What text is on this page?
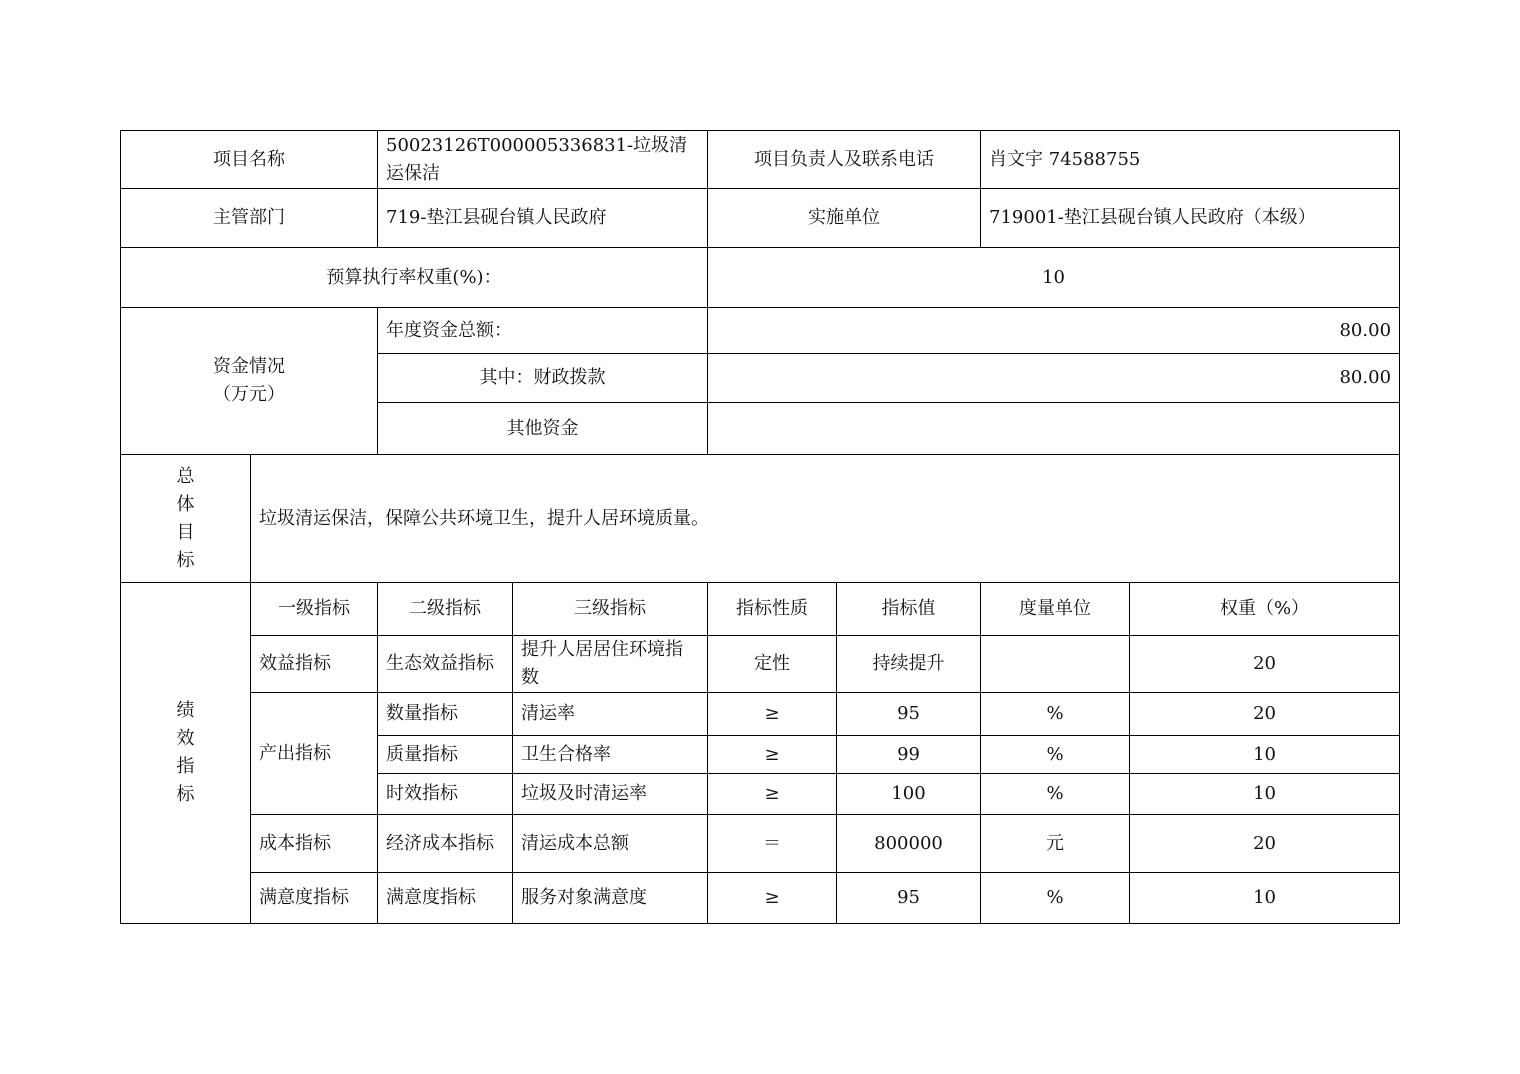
项目名称		50023126T000005336831-垃圾清运保洁		项目负责人及联系电话		肖文宇 74588755	
主管部门		719-垫江县砚台镇人民政府		实施单位		719001-垫江县砚台镇人民政府（本级）	
预算执行率权重(%)：				10			

资金情况
（万元）		年度资金总额：		80.00			
		其中：财政拨款		80.00			
		其他资金					

总
体
目
标	垃圾清运保洁，保障公共环境卫生，提升人居环境质量。						

绩
效
指
标	一级指标	二级指标	三级指标	指标性质	指标值	度量单位	权重（%）
	效益指标	生态效益指标	提升人居居住环境指数	定性	持续提升		20
	产出指标	数量指标	清运率	≥	95	%	20
		质量指标	卫生合格率	≥	99	%	10
		时效指标	垃圾及时清运率	≥	100	%	10
	成本指标	经济成本指标	清运成本总额	＝	800000	元	20
	满意度指标	满意度指标	服务对象满意度	≥	95	%	10
